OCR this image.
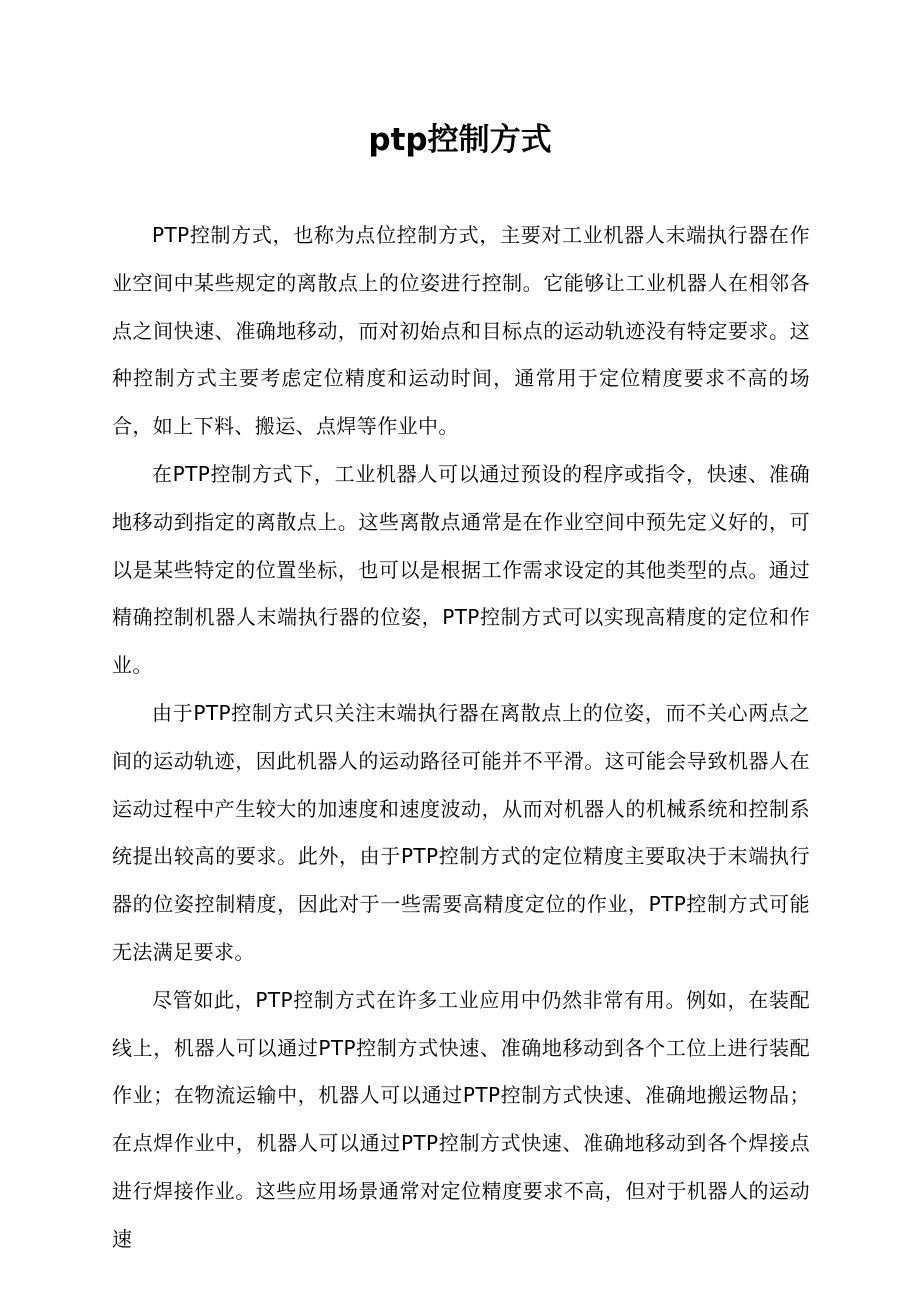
ptp控制方式

PTP控制方式，也称为点位控制方式，主要对工业机器人末端执行器在作业空间中某些规定的离散点上的位姿进行控制。它能够让工业机器人在相邻各点之间快速、准确地移动，而对初始点和目标点的运动轨迹没有特定要求。这种控制方式主要考虑定位精度和运动时间，通常用于定位精度要求不高的场合，如上下料、搬运、点焊等作业中。

在PTP控制方式下，工业机器人可以通过预设的程序或指令，快速、准确地移动到指定的离散点上。这些离散点通常是在作业空间中预先定义好的，可以是某些特定的位置坐标，也可以是根据工作需求设定的其他类型的点。通过精确控制机器人末端执行器的位姿，PTP控制方式可以实现高精度的定位和作业。

由于PTP控制方式只关注末端执行器在离散点上的位姿，而不关心两点之间的运动轨迹，因此机器人的运动路径可能并不平滑。这可能会导致机器人在运动过程中产生较大的加速度和速度波动，从而对机器人的机械系统和控制系统提出较高的要求。此外，由于PTP控制方式的定位精度主要取决于末端执行器的位姿控制精度，因此对于一些需要高精度定位的作业，PTP控制方式可能无法满足要求。

尽管如此，PTP控制方式在许多工业应用中仍然非常有用。例如，在装配线上，机器人可以通过PTP控制方式快速、准确地移动到各个工位上进行装配作业；在物流运输中，机器人可以通过PTP控制方式快速、准确地搬运物品；在点焊作业中，机器人可以通过PTP控制方式快速、准确地移动到各个焊接点进行焊接作业。这些应用场景通常对定位精度要求不高，但对于机器人的运动速
